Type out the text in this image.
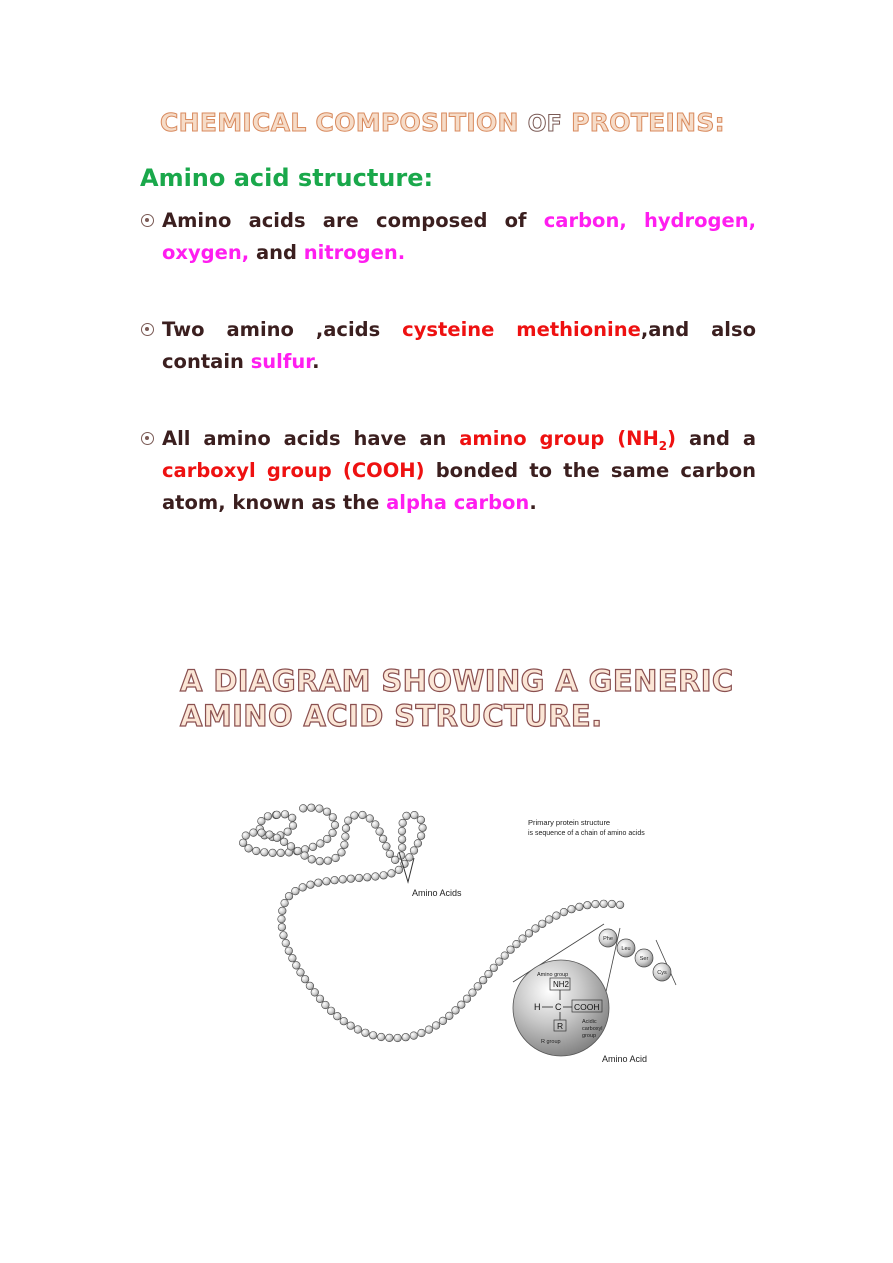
CHEMICAL COMPOSITION OF PROTEINS:
Amino acid structure:
Amino acids are composed of carbon, hydrogen, oxygen, and nitrogen.
Two amino ,acids cysteine methionine,and also contain sulfur.
All amino acids have an amino group $(NH_2)$ and a carboxyl group (COOH) bonded to the same carbon atom, known as the alpha carbon.
A DIAGRAM SHOWING A GENERIC
AMINO ACID STRUCTURE.
Amino Acids
Primary protein structure
is sequence of a chain of amino acids
Phe
Leu
Ser
Cys
Amino group
NH2
H C COOH
R
R group
Acidic
carboxyl
group
Amino Acid
